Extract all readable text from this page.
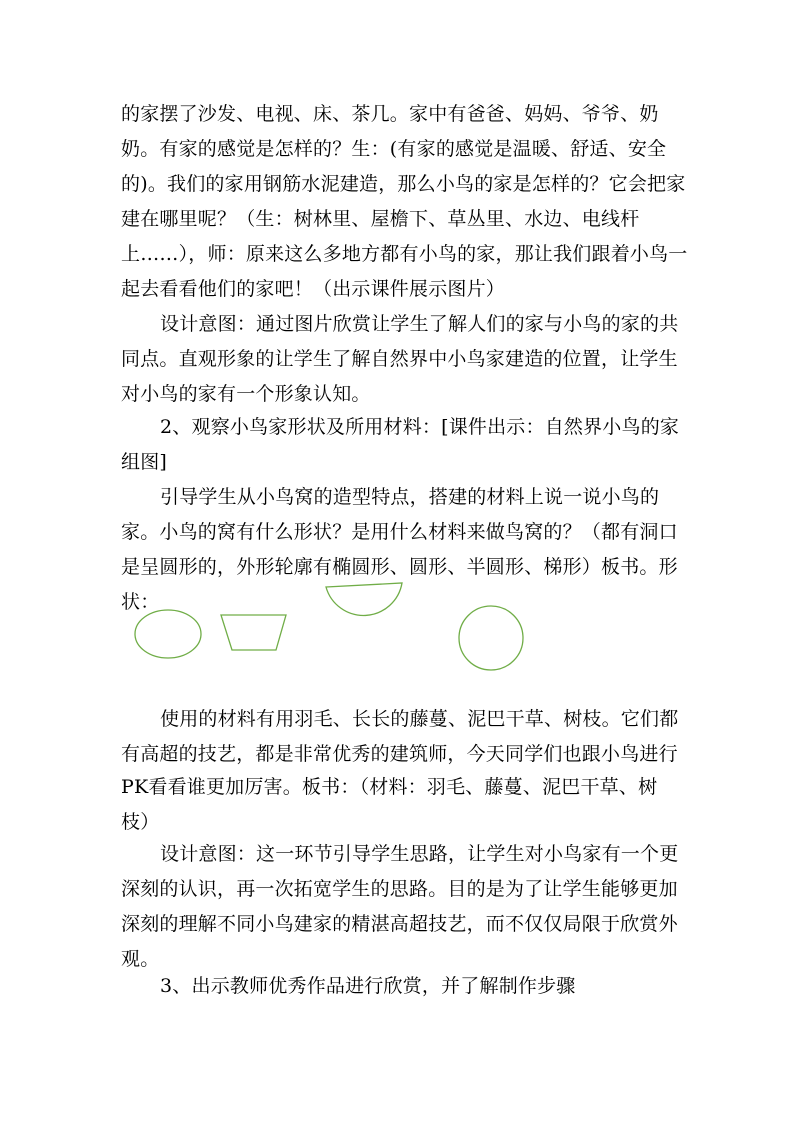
的家摆了沙发、电视、床、茶几。家中有爸爸、妈妈、爷爷、奶
奶。有家的感觉是怎样的？生：(有家的感觉是温暖、舒适、安全
的)。我们的家用钢筋水泥建造，那么小鸟的家是怎样的？它会把家
建在哪里呢？（生：树林里、屋檐下、草丛里、水边、电线杆
上……），师：原来这么多地方都有小鸟的家，那让我们跟着小鸟一
起去看看他们的家吧！（出示课件展示图片）
设计意图：通过图片欣赏让学生了解人们的家与小鸟的家的共
同点。直观形象的让学生了解自然界中小鸟家建造的位置，让学生
对小鸟的家有一个形象认知。
2、观察小鸟家形状及所用材料：[课件出示：自然界小鸟的家
组图]
引导学生从小鸟窝的造型特点，搭建的材料上说一说小鸟的
家。小鸟的窝有什么形状？是用什么材料来做鸟窝的？（都有洞口
是呈圆形的，外形轮廓有椭圆形、圆形、半圆形、梯形）板书。形
状：
使用的材料有用羽毛、长长的藤蔓、泥巴干草、树枝。它们都
有高超的技艺，都是非常优秀的建筑师，今天同学们也跟小鸟进行
PK看看谁更加厉害。板书：（材料：羽毛、藤蔓、泥巴干草、树
枝）
设计意图：这一环节引导学生思路，让学生对小鸟家有一个更
深刻的认识，再一次拓宽学生的思路。目的是为了让学生能够更加
深刻的理解不同小鸟建家的精湛高超技艺，而不仅仅局限于欣赏外
观。
3、出示教师优秀作品进行欣赏，并了解制作步骤
